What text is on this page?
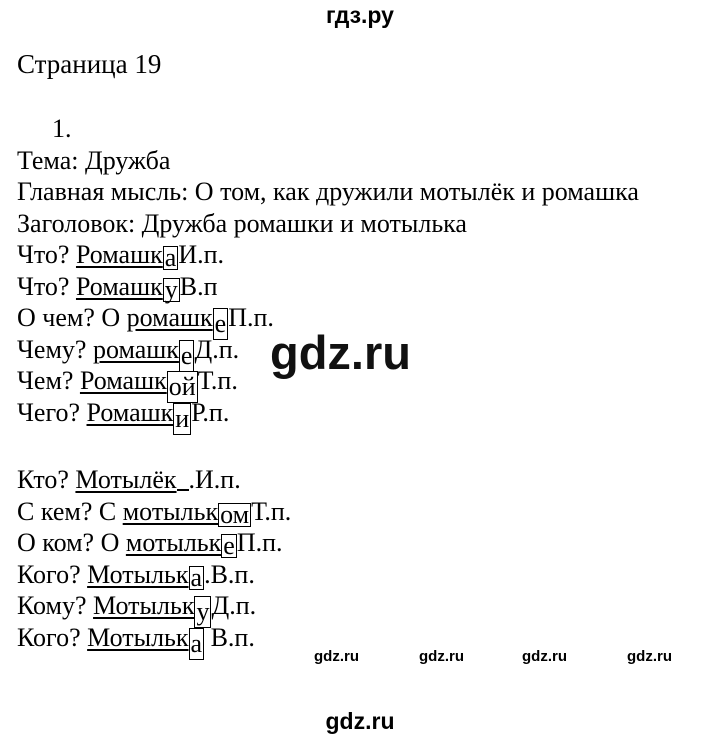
гдз.ру
Страница 19
1.
Тема: Дружба
Главная мысль: О том, как дружили мотылёк и ромашка
Заголовок: Дружба ромашки и мотылька
Что? РомашкаИ.п.
Что? РомашкуВ.п
О чем? О ромашкеП.п.
Чему? ромашкеД.п.
Чем? РомашкойТ.п.
Чего? РомашкиР.п.
Кто? Мотылёк .И.п.
С кем? С мотылькомТ.п.
О ком? О мотылькеП.п.
Кого? Мотылька.В.п.
Кому? МотылькуД.п.
Кого? Мотылька В.п.
gdz.ru
gdz.ru	gdz.ru	gdz.ru	gdz.ru
gdz.ru
